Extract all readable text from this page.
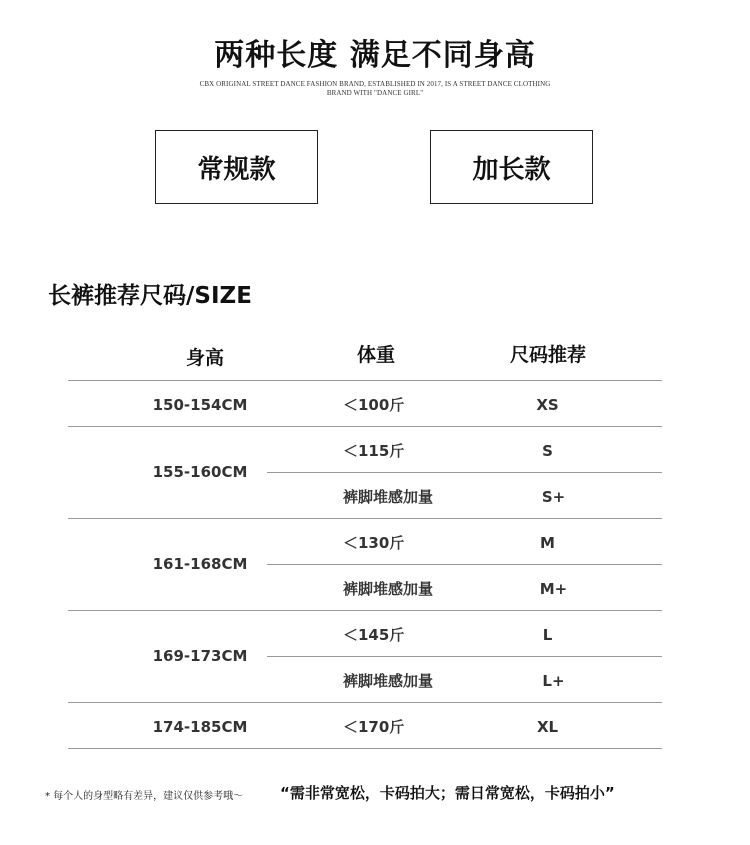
两种长度 满足不同身高
CBX ORIGINAL STREET DANCE FASHION BRAND, ESTABLISHED IN 2017, IS A STREET DANCE CLOTHING
BRAND WITH "DANCE GIRL"
常规款	加长款
长裤推荐尺码/SIZE
身高	体重	尺码推荐
150-154CM	＜100斤	XS
155-160CM
＜115斤	S
裤脚堆感加量	S+
161-168CM
＜130斤	M
裤脚堆感加量	M+
169-173CM
＜145斤	L
裤脚堆感加量	L+
174-185CM	＜170斤	XL
* 每个人的身型略有差异，建议仅供参考哦～ “需非常宽松，卡码拍大；需日常宽松，卡码拍小”
